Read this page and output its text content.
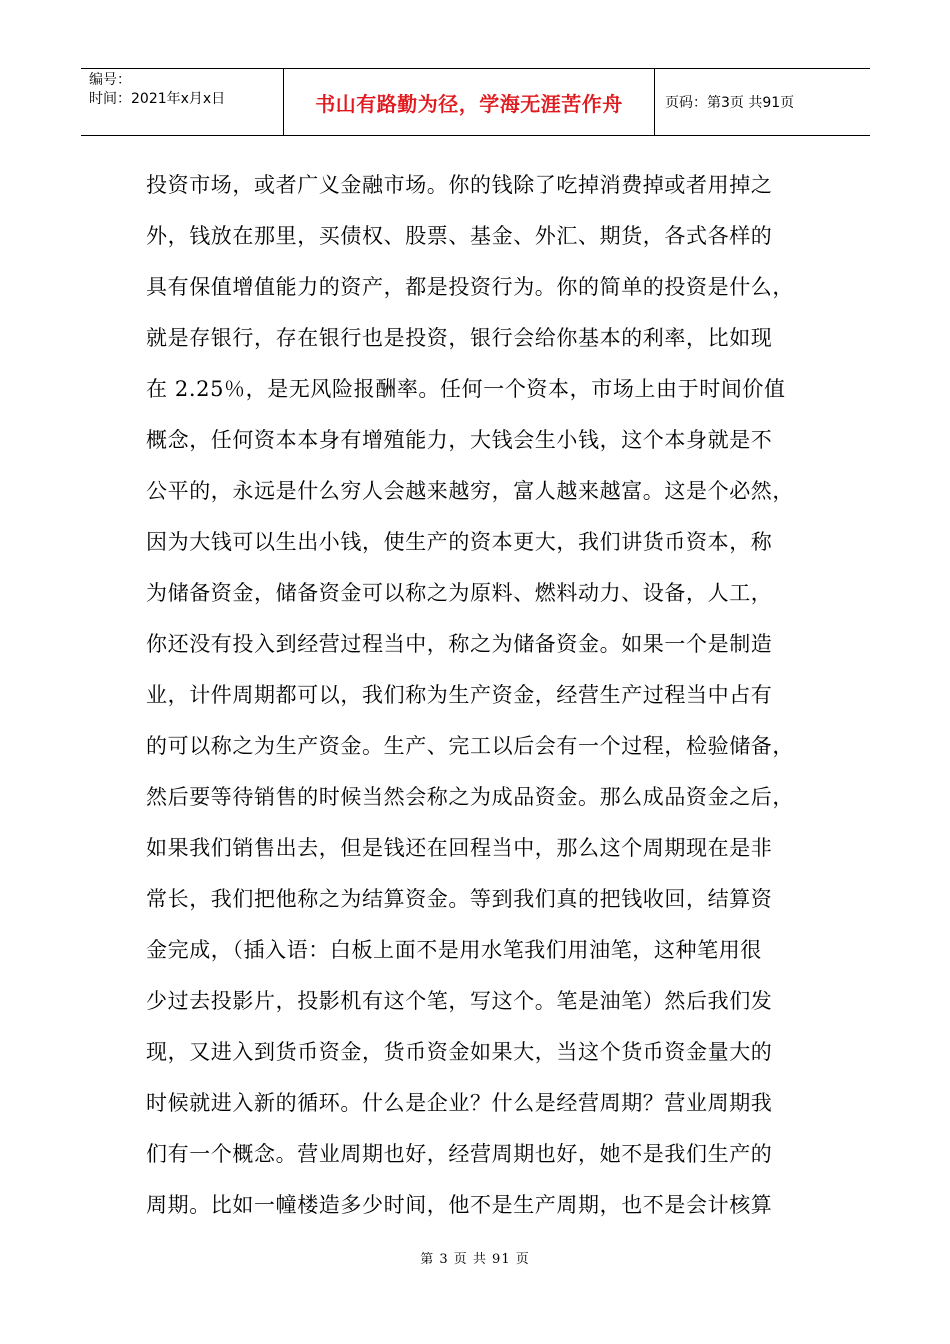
编号：
时间：2021年x月x日	书山有路勤为径，学海无涯苦作舟	页码：第3页 共91页
投资市场，或者广义金融市场。你的钱除了吃掉消费掉或者用掉之
外，钱放在那里，买债权、股票、基金、外汇、期货，各式各样的
具有保值增值能力的资产，都是投资行为。你的简单的投资是什么，
就是存银行，存在银行也是投资，银行会给你基本的利率，比如现
在 2.25％，是无风险报酬率。任何一个资本，市场上由于时间价值
概念，任何资本本身有增殖能力，大钱会生小钱，这个本身就是不
公平的，永远是什么穷人会越来越穷，富人越来越富。这是个必然，
因为大钱可以生出小钱，使生产的资本更大，我们讲货币资本，称
为储备资金，储备资金可以称之为原料、燃料动力、设备，人工，
你还没有投入到经营过程当中，称之为储备资金。如果一个是制造
业，计件周期都可以，我们称为生产资金，经营生产过程当中占有
的可以称之为生产资金。生产、完工以后会有一个过程，检验储备，
然后要等待销售的时候当然会称之为成品资金。那么成品资金之后，
如果我们销售出去，但是钱还在回程当中，那么这个周期现在是非
常长，我们把他称之为结算资金。等到我们真的把钱收回，结算资
金完成，（插入语：白板上面不是用水笔我们用油笔，这种笔用很
少过去投影片，投影机有这个笔，写这个。笔是油笔）然后我们发
现，又进入到货币资金，货币资金如果大，当这个货币资金量大的
时候就进入新的循环。什么是企业？什么是经营周期？营业周期我
们有一个概念。营业周期也好，经营周期也好，她不是我们生产的
周期。比如一幢楼造多少时间，他不是生产周期，也不是会计核算
第 3 页 共 91 页
